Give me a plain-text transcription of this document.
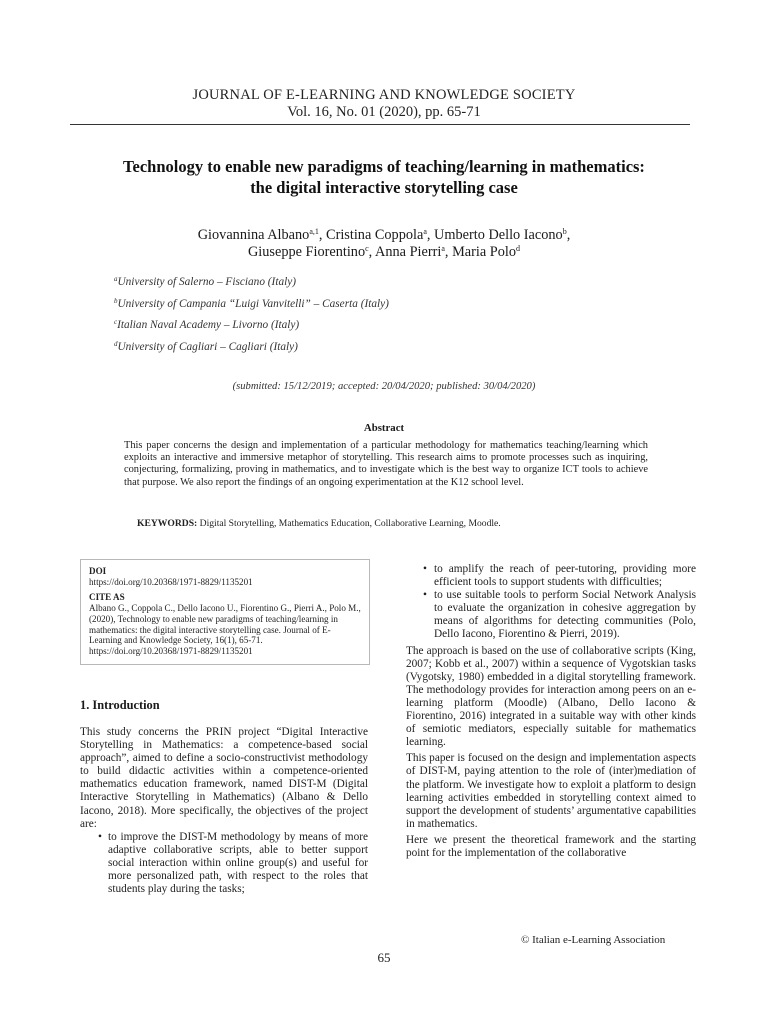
JOURNAL OF E-LEARNING AND KNOWLEDGE SOCIETY
Vol. 16, No. 01 (2020), pp. 65-71
Technology to enable new paradigms of teaching/learning in mathematics:
the digital interactive storytelling case
Giovannina Albano$^{a,1}$, Cristina Coppola$^a$, Umberto Dello Iacono$^b$,
Giuseppe Fiorentino$^c$, Anna Pierri$^a$, Maria Polo$^d$
$^a$University of Salerno – Fisciano (Italy)
$^b$University of Campania “Luigi Vanvitelli” – Caserta (Italy)
$^c$Italian Naval Academy – Livorno (Italy)
$^d$University of Cagliari – Cagliari (Italy)
(submitted: 15/12/2019; accepted: 20/04/2020; published: 30/04/2020)
Abstract
This paper concerns the design and implementation of a particular methodology for mathematics teaching/learning which exploits an interactive and immersive metaphor of storytelling. This research aims to promote processes such as inquiring, conjecturing, formalizing, proving in mathematics, and to investigate which is the best way to organize ICT tools to achieve that purpose. We also report the findings of an ongoing experimentation at the K12 school level.
KEYWORDS: Digital Storytelling, Mathematics Education, Collaborative Learning, Moodle.
DOI
https://doi.org/10.20368/1971-8829/1135201
CITE AS
Albano G., Coppola C., Dello Iacono U., Fiorentino G., Pierri A., Polo M., (2020), Technology to enable new paradigms of teaching/learning in mathematics: the digital interactive storytelling case. Journal of E-Learning and Knowledge Society, 16(1), 65-71. https://doi.org/10.20368/1971-8829/1135201
1. Introduction

This study concerns the PRIN project “Digital Interactive Storytelling in Mathematics: a competence-based social approach”, aimed to define a socio-constructivist methodology to build didactic activities within a competence-oriented mathematics education framework, named DIST-M (Digital Interactive Storytelling in Mathematics) (Albano & Dello Iacono, 2018). More specifically, the objectives of the project are:

• to improve the DIST-M methodology by means of more adaptive collaborative scripts, able to better support social interaction within online group(s) and useful for more personalized path, with respect to the roles that students play during the tasks;
• to amplify the reach of peer-tutoring, providing more efficient tools to support students with difficulties;
• to use suitable tools to perform Social Network Analysis to evaluate the organization in cohesive aggregation by means of algorithms for detecting communities (Polo, Dello Iacono, Fiorentino & Pierri, 2019).

The approach is based on the use of collaborative scripts (King, 2007; Kobb et al., 2007) within a sequence of Vygotskian tasks (Vygotsky, 1980) embedded in a digital storytelling framework. The methodology provides for interaction among peers on an e-learning platform (Moodle) (Albano, Dello Iacono & Fiorentino, 2016) integrated in a suitable way with other kinds of semiotic mediators, especially suitable for mathematics learning.

This paper is focused on the design and implementation aspects of DIST-M, paying attention to the role of (inter)mediation of the platform. We investigate how to exploit a platform to design learning activities embedded in storytelling context aimed to support the development of students’ argumentative capabilities in mathematics.

Here we present the theoretical framework and the starting point for the implementation of the collaborative

© Italian e-Learning Association
65
